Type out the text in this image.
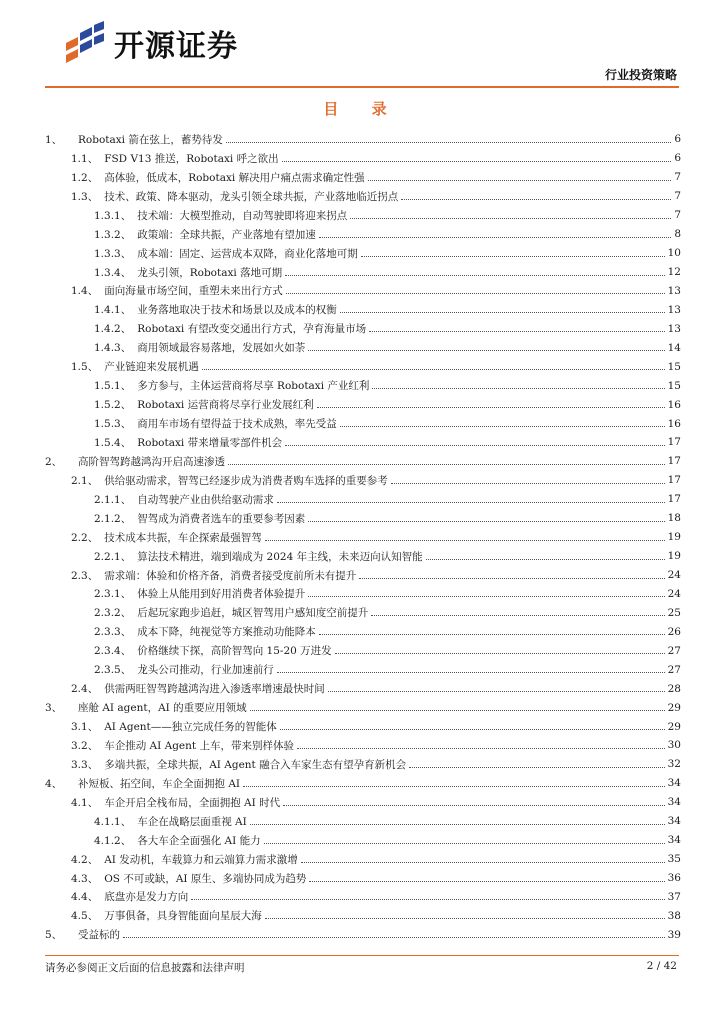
开源证券
行业投资策略
目 录
1、	Robotaxi 箭在弦上，蓄势待发	6
1.1、 FSD V13 推送，Robotaxi 呼之欲出	6
1.2、 高体验，低成本，Robotaxi 解决用户痛点需求确定性强	7
1.3、 技术、政策、降本驱动，龙头引领全球共振，产业落地临近拐点	7
1.3.1、 技术端：大模型推动，自动驾驶即将迎来拐点	7
1.3.2、 政策端：全球共振，产业落地有望加速	8
1.3.3、 成本端：固定、运营成本双降，商业化落地可期	10
1.3.4、 龙头引领，Robotaxi 落地可期	12
1.4、 面向海量市场空间，重塑未来出行方式	13
1.4.1、 业务落地取决于技术和场景以及成本的权衡	13
1.4.2、 Robotaxi 有望改变交通出行方式，孕育海量市场	13
1.4.3、 商用领域最容易落地，发展如火如荼	14
1.5、 产业链迎来发展机遇	15
1.5.1、 多方参与，主体运营商将尽享 Robotaxi 产业红利	15
1.5.2、 Robotaxi 运营商将尽享行业发展红利	16
1.5.3、 商用车市场有望得益于技术成熟，率先受益	16
1.5.4、 Robotaxi 带来增量零部件机会	17
2、	高阶智驾跨越鸿沟开启高速渗透	17
2.1、 供给驱动需求，智驾已经逐步成为消费者购车选择的重要参考	17
2.1.1、 自动驾驶产业由供给驱动需求	17
2.1.2、 智驾成为消费者选车的重要参考因素	18
2.2、 技术成本共振，车企探索最强智驾	19
2.2.1、 算法技术精进，端到端成为 2024 年主线，未来迈向认知智能	19
2.3、 需求端：体验和价格齐备，消费者接受度前所未有提升	24
2.3.1、 体验上从能用到好用消费者体验提升	24
2.3.2、 后起玩家跑步追赶，城区智驾用户感知度空前提升	25
2.3.3、 成本下降，纯视觉等方案推动功能降本	26
2.3.4、 价格继续下探，高阶智驾向 15-20 万进发	27
2.3.5、 龙头公司推动，行业加速前行	27
2.4、 供需两旺智驾跨越鸿沟进入渗透率增速最快时间	28
3、	座舱 AI agent，AI 的重要应用领域	29
3.1、 AI Agent——独立完成任务的智能体	29
3.2、 车企推动 AI Agent 上车，带来别样体验	30
3.3、 多端共振，全球共振，AI Agent 融合入车家生态有望孕育新机会	32
4、	补短板、拓空间，车企全面拥抱 AI	34
4.1、 车企开启全栈布局，全面拥抱 AI 时代	34
4.1.1、 车企在战略层面重视 AI	34
4.1.2、 各大车企全面强化 AI 能力	34
4.2、 AI 发动机，车载算力和云端算力需求激增	35
4.3、 OS 不可或缺，AI 原生、多端协同成为趋势	36
4.4、 底盘亦是发力方向	37
4.5、 万事俱备，具身智能面向星辰大海	38
5、	受益标的	39
请务必参阅正文后面的信息披露和法律声明	2 / 42
